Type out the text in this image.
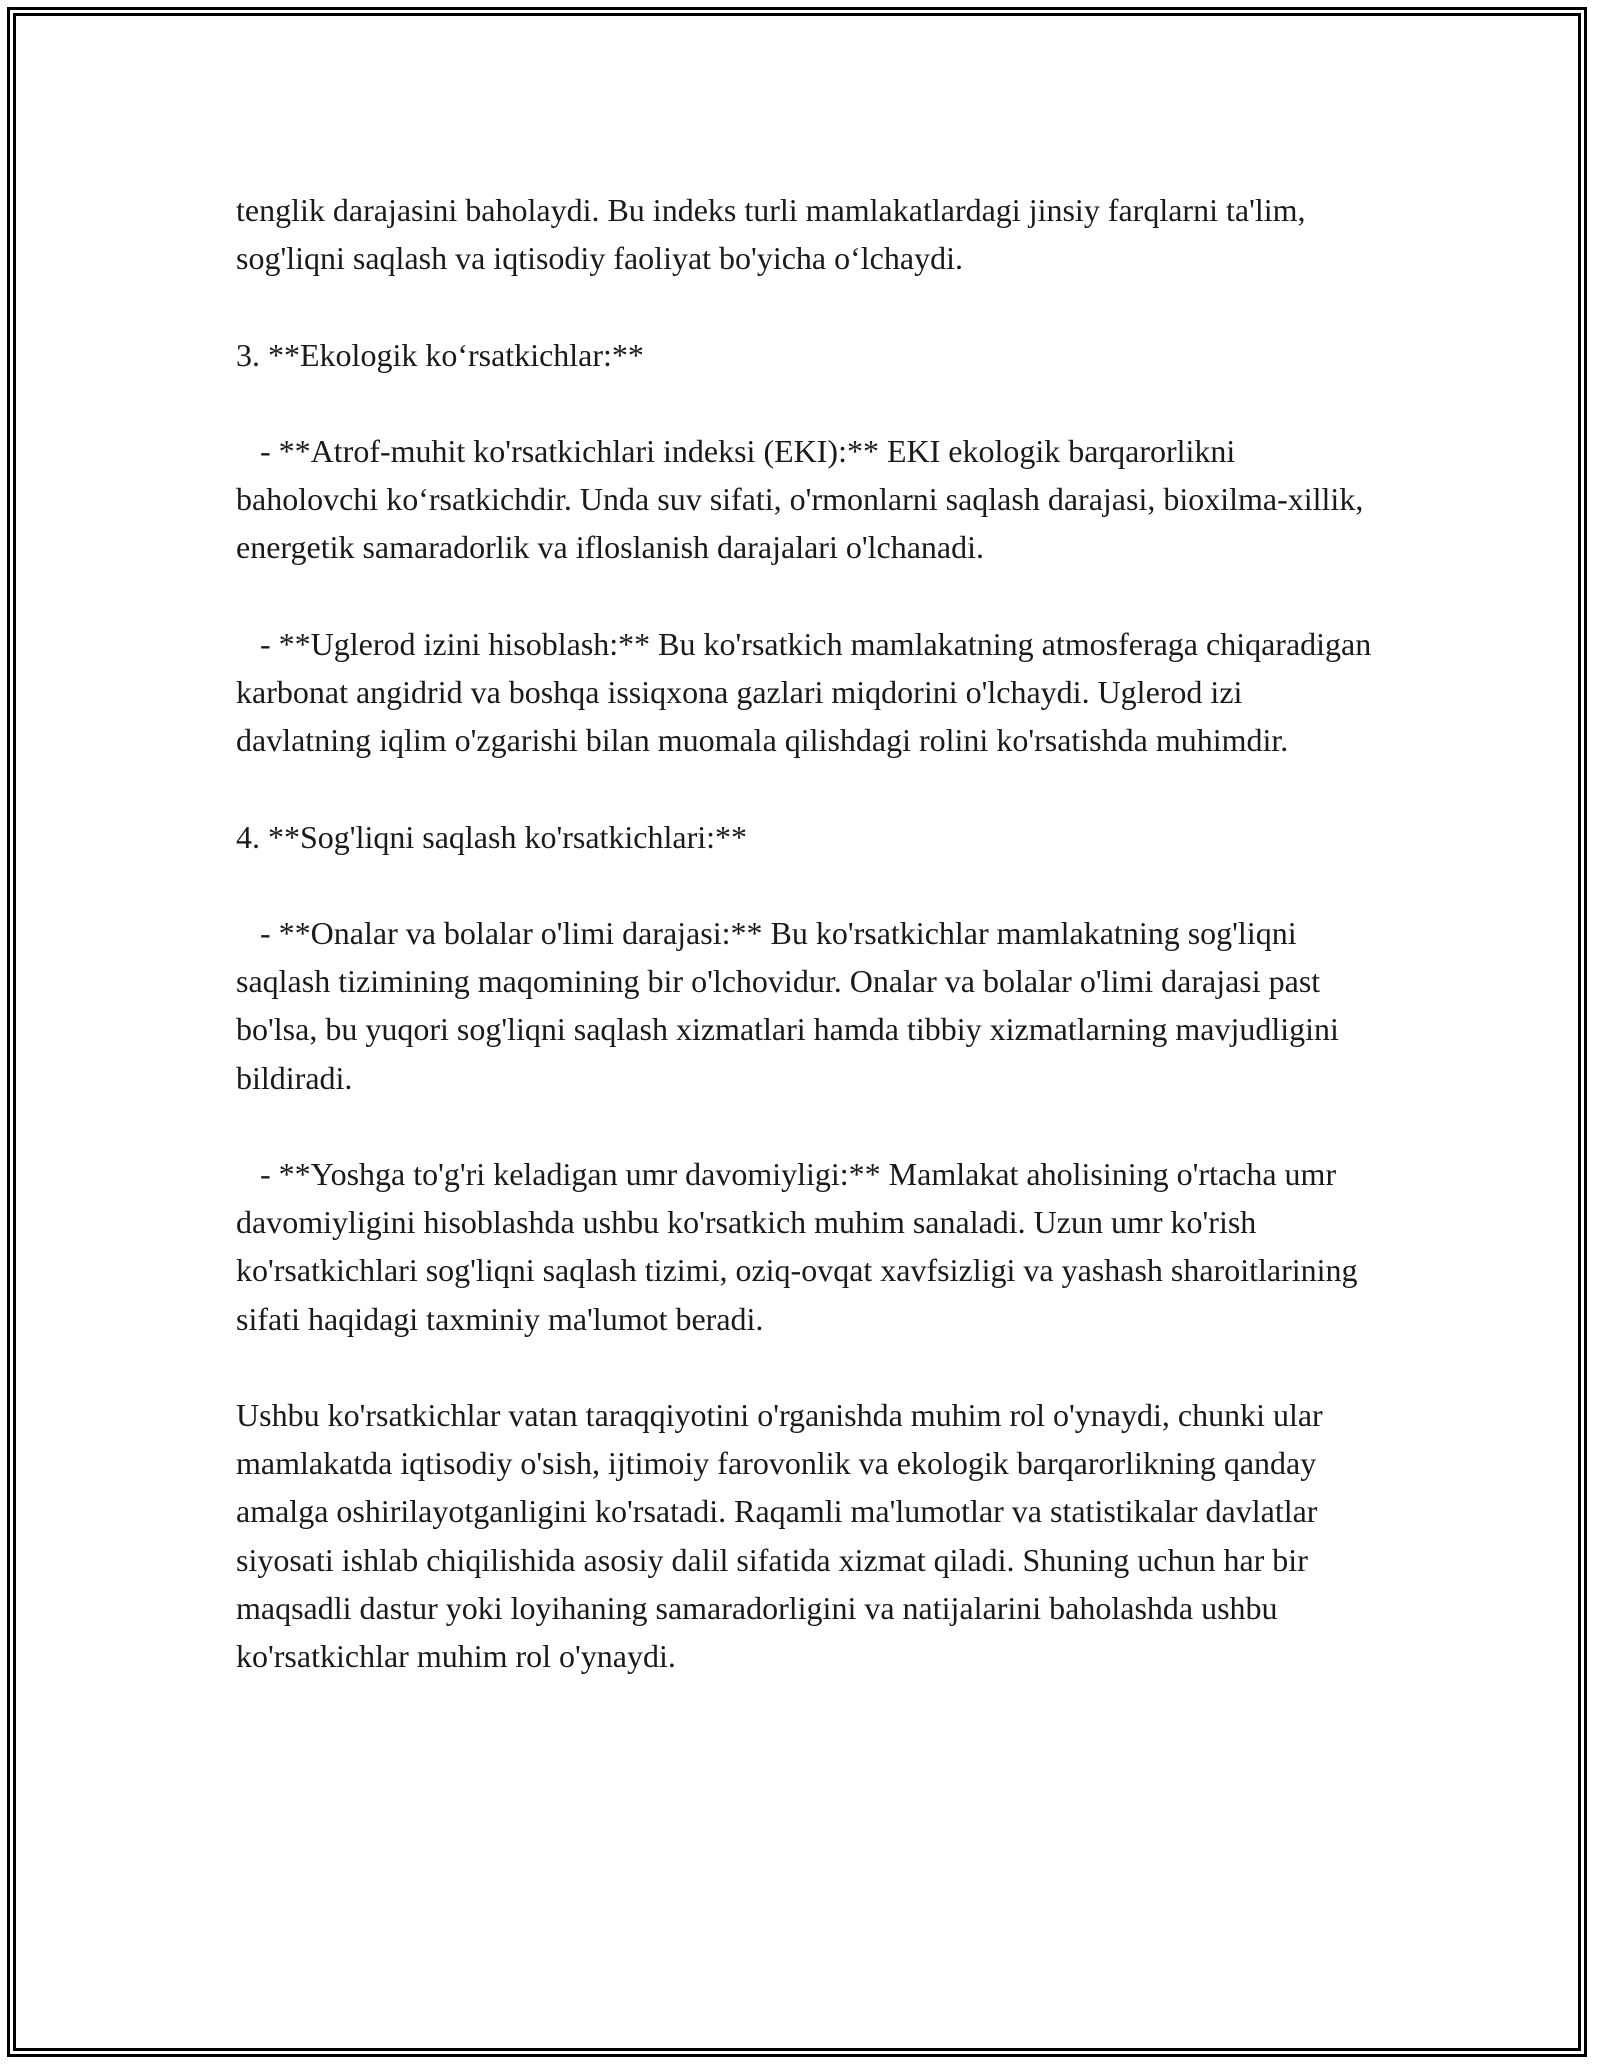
tenglik darajasini baholaydi. Bu indeks turli mamlakatlardagi jinsiy farqlarni ta'lim, sog'liqni saqlash va iqtisodiy faoliyat bo'yicha o‘lchaydi.

3. **Ekologik ko‘rsatkichlar:**

- **Atrof-muhit ko'rsatkichlari indeksi (EKI):** EKI ekologik barqarorlikni baholovchi ko‘rsatkichdir. Unda suv sifati, o'rmonlarni saqlash darajasi, bioxilma-xillik, energetik samaradorlik va ifloslanish darajalari o'lchanadi.

- **Uglerod izini hisoblash:** Bu ko'rsatkich mamlakatning atmosferaga chiqaradigan karbonat angidrid va boshqa issiqxona gazlari miqdorini o'lchaydi. Uglerod izi davlatning iqlim o'zgarishi bilan muomala qilishdagi rolini ko'rsatishda muhimdir.

4. **Sog'liqni saqlash ko'rsatkichlari:**

- **Onalar va bolalar o'limi darajasi:** Bu ko'rsatkichlar mamlakatning sog'liqni saqlash tizimining maqomining bir o'lchovidur. Onalar va bolalar o'limi darajasi past bo'lsa, bu yuqori sog'liqni saqlash xizmatlari hamda tibbiy xizmatlarning mavjudligini bildiradi.

- **Yoshga to'g'ri keladigan umr davomiyligi:** Mamlakat aholisining o'rtacha umr davomiyligini hisoblashda ushbu ko'rsatkich muhim sanaladi. Uzun umr ko'rish ko'rsatkichlari sog'liqni saqlash tizimi, oziq-ovqat xavfsizligi va yashash sharoitlarining sifati haqidagi taxminiy ma'lumot beradi.

Ushbu ko'rsatkichlar vatan taraqqiyotini o'rganishda muhim rol o'ynaydi, chunki ular mamlakatda iqtisodiy o'sish, ijtimoiy farovonlik va ekologik barqarorlikning qanday amalga oshirilayotganligini ko'rsatadi. Raqamli ma'lumotlar va statistikalar davlatlar siyosati ishlab chiqilishida asosiy dalil sifatida xizmat qiladi. Shuning uchun har bir maqsadli dastur yoki loyihaning samaradorligini va natijalarini baholashda ushbu ko'rsatkichlar muhim rol o'ynaydi.
